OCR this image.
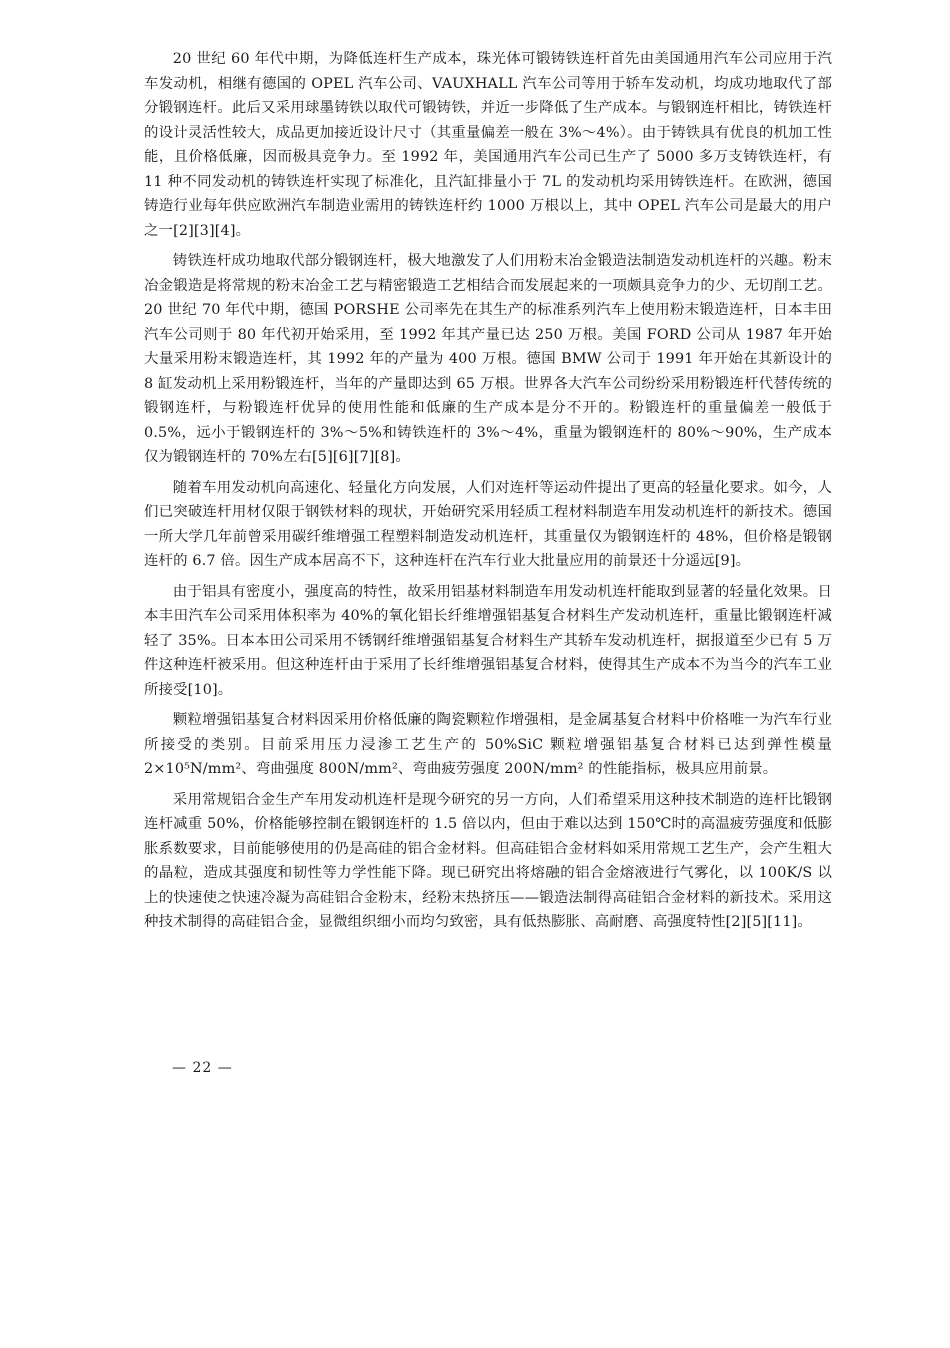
20 世纪 60 年代中期，为降低连杆生产成本，珠光体可锻铸铁连杆首先由美国通用汽车公司应用于汽车发动机，相继有德国的 OPEL 汽车公司、VAUXHALL 汽车公司等用于轿车发动机，均成功地取代了部分锻钢连杆。此后又采用球墨铸铁以取代可锻铸铁，并近一步降低了生产成本。与锻钢连杆相比，铸铁连杆的设计灵活性较大，成品更加接近设计尺寸（其重量偏差一般在 3%～4%）。由于铸铁具有优良的机加工性能，且价格低廉，因而极具竞争力。至 1992 年，美国通用汽车公司已生产了 5000 多万支铸铁连杆，有 11 种不同发动机的铸铁连杆实现了标准化，且汽缸排量小于 7L 的发动机均采用铸铁连杆。在欧洲，德国铸造行业每年供应欧洲汽车制造业需用的铸铁连杆约 1000 万根以上，其中 OPEL 汽车公司是最大的用户之一[2][3][4]。

铸铁连杆成功地取代部分锻钢连杆，极大地激发了人们用粉末冶金锻造法制造发动机连杆的兴趣。粉末冶金锻造是将常规的粉末冶金工艺与精密锻造工艺相结合而发展起来的一项颇具竞争力的少、无切削工艺。20 世纪 70 年代中期，德国 PORSHE 公司率先在其生产的标准系列汽车上使用粉末锻造连杆，日本丰田汽车公司则于 80 年代初开始采用，至 1992 年其产量已达 250 万根。美国 FORD 公司从 1987 年开始大量采用粉末锻造连杆，其 1992 年的产量为 400 万根。德国 BMW 公司于 1991 年开始在其新设计的 8 缸发动机上采用粉锻连杆，当年的产量即达到 65 万根。世界各大汽车公司纷纷采用粉锻连杆代替传统的锻钢连杆，与粉锻连杆优异的使用性能和低廉的生产成本是分不开的。粉锻连杆的重量偏差一般低于 0.5%，远小于锻钢连杆的 3%～5%和铸铁连杆的 3%～4%，重量为锻钢连杆的 80%～90%，生产成本仅为锻钢连杆的 70%左右[5][6][7][8]。

随着车用发动机向高速化、轻量化方向发展，人们对连杆等运动件提出了更高的轻量化要求。如今，人们已突破连杆用材仅限于钢铁材料的现状，开始研究采用轻质工程材料制造车用发动机连杆的新技术。德国一所大学几年前曾采用碳纤维增强工程塑料制造发动机连杆，其重量仅为锻钢连杆的 48%，但价格是锻钢连杆的 6.7 倍。因生产成本居高不下，这种连杆在汽车行业大批量应用的前景还十分遥远[9]。

由于铝具有密度小，强度高的特性，故采用铝基材料制造车用发动机连杆能取到显著的轻量化效果。日本丰田汽车公司采用体积率为 40%的氧化铝长纤维增强铝基复合材料生产发动机连杆，重量比锻钢连杆减轻了 35%。日本本田公司采用不锈钢纤维增强铝基复合材料生产其轿车发动机连杆，据报道至少已有 5 万件这种连杆被采用。但这种连杆由于采用了长纤维增强铝基复合材料，使得其生产成本不为当今的汽车工业所接受[10]。

颗粒增强铝基复合材料因采用价格低廉的陶瓷颗粒作增强相，是金属基复合材料中价格唯一为汽车行业所接受的类别。目前采用压力浸渗工艺生产的 50%SiC 颗粒增强铝基复合材料已达到弹性模量 2×10⁵N/mm²、弯曲强度 800N/mm²、弯曲疲劳强度 200N/mm² 的性能指标，极具应用前景。

采用常规铝合金生产车用发动机连杆是现今研究的另一方向，人们希望采用这种技术制造的连杆比锻钢连杆减重 50%，价格能够控制在锻钢连杆的 1.5 倍以内，但由于难以达到 150℃时的高温疲劳强度和低膨胀系数要求，目前能够使用的仍是高硅的铝合金材料。但高硅铝合金材料如采用常规工艺生产，会产生粗大的晶粒，造成其强度和韧性等力学性能下降。现已研究出将熔融的铝合金熔液进行气雾化，以 100K/S 以上的快速使之快速冷凝为高硅铝合金粉末，经粉末热挤压——锻造法制得高硅铝合金材料的新技术。采用这种技术制得的高硅铝合金，显微组织细小而均匀致密，具有低热膨胀、高耐磨、高强度特性[2][5][11]。

— 22 —
